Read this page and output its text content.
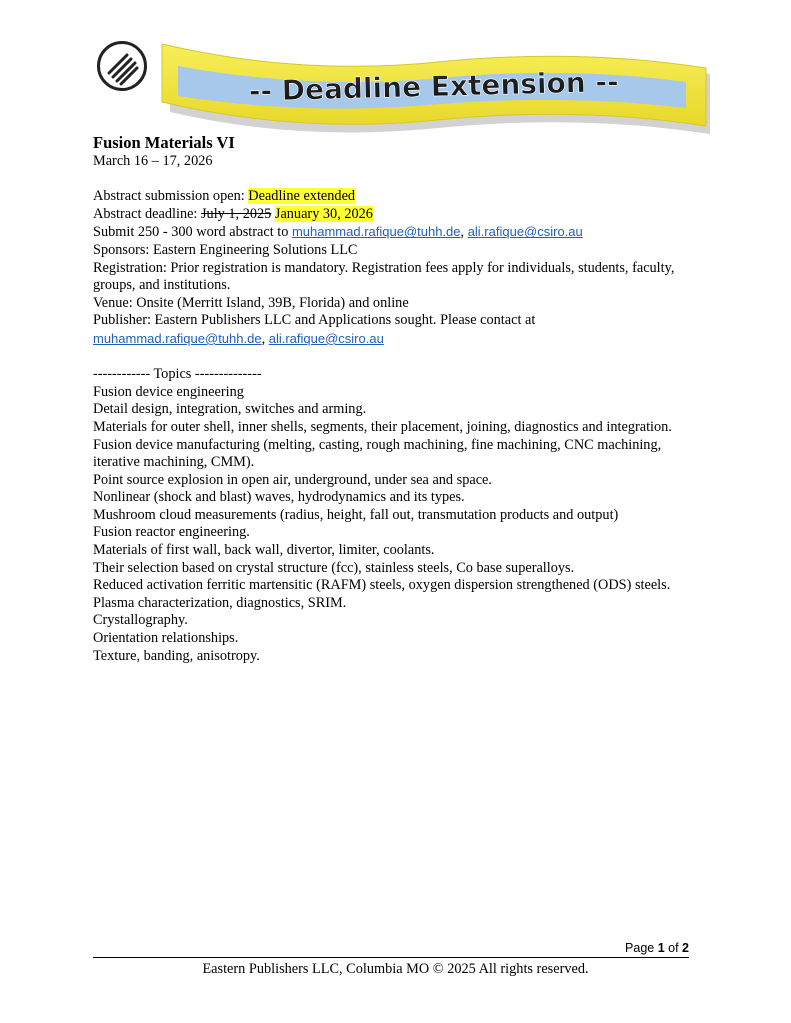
-- Deadline Extension --
Fusion Materials VI
March 16 – 17, 2026
Abstract submission open: Deadline extended
Abstract deadline: July 1, 2025 January 30, 2026
Submit 250 - 300 word abstract to muhammad.rafique@tuhh.de, ali.rafique@csiro.au
Sponsors: Eastern Engineering Solutions LLC
Registration: Prior registration is mandatory. Registration fees apply for individuals, students, faculty, groups, and institutions.
Venue: Onsite (Merritt Island, 39B, Florida) and online
Publisher: Eastern Publishers LLC and Applications sought. Please contact at
muhammad.rafique@tuhh.de, ali.rafique@csiro.au
------------ Topics --------------
Fusion device engineering
Detail design, integration, switches and arming.
Materials for outer shell, inner shells, segments, their placement, joining, diagnostics and integration.
Fusion device manufacturing (melting, casting, rough machining, fine machining, CNC machining, iterative machining, CMM).
Point source explosion in open air, underground, under sea and space.
Nonlinear (shock and blast) waves, hydrodynamics and its types.
Mushroom cloud measurements (radius, height, fall out, transmutation products and output)
Fusion reactor engineering.
Materials of first wall, back wall, divertor, limiter, coolants.
Their selection based on crystal structure (fcc), stainless steels, Co base superalloys.
Reduced activation ferritic martensitic (RAFM) steels, oxygen dispersion strengthened (ODS) steels.
Plasma characterization, diagnostics, SRIM.
Crystallography.
Orientation relationships.
Texture, banding, anisotropy.
Page 1 of 2
Eastern Publishers LLC, Columbia MO © 2025 All rights reserved.
